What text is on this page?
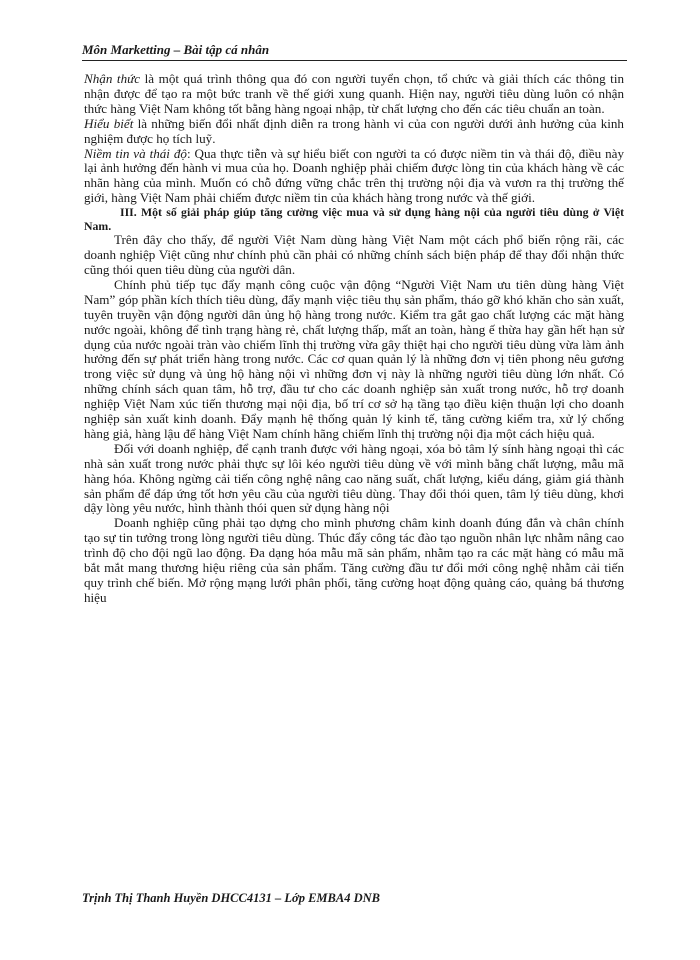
Môn Marketting – Bài tập cá nhân

Nhận thức là một quá trình thông qua đó con người tuyển chọn, tổ chức và giải thích các thông tin nhận được để tạo ra một bức tranh về thế giới xung quanh. Hiện nay, người tiêu dùng luôn có nhận thức hàng Việt Nam không tốt bằng hàng ngoại nhập, từ chất lượng cho đến các tiêu chuẩn an toàn.

Hiểu biết là những biến đổi nhất định diễn ra trong hành vi của con người dưới ảnh hưởng của kinh nghiệm được họ tích luỹ.

Niềm tin và thái độ: Qua thực tiễn và sự hiểu biết con người ta có được niềm tin và thái độ, điều này lại ảnh hưởng đến hành vi mua của họ. Doanh nghiệp phải chiếm được lòng tin của khách hàng về các nhãn hàng của mình. Muốn có chỗ đứng vững chắc trên thị trường nội địa và vươn ra thị trường thế giới, hàng Việt Nam phải chiếm được niềm tin của khách hàng trong nước và thế giới.

III. Một số giải pháp giúp tăng cường việc mua và sử dụng hàng nội của người tiêu dùng ở Việt Nam.

Trên đây cho thấy, để người Việt Nam dùng hàng Việt Nam một cách phổ biến rộng rãi, các doanh nghiệp Việt cũng như chính phủ cần phải có những chính sách biện pháp để thay đổi nhận thức cũng thói quen tiêu dùng của người dân.

Chính phủ tiếp tục đẩy mạnh công cuộc vận động “Người Việt Nam ưu tiên dùng hàng Việt Nam” góp phần kích thích tiêu dùng, đẩy mạnh việc tiêu thụ sản phẩm, tháo gỡ khó khăn cho sản xuất, tuyên truyền vận động người dân ủng hộ hàng trong nước. Kiểm tra gắt gao chất lượng các mặt hàng nước ngoài, không để tình trạng hàng rẻ, chất lượng thấp, mất an toàn, hàng ế thừa hay gần hết hạn sử dụng của nước ngoài tràn vào chiếm lĩnh thị trường vừa gây thiệt hại cho người tiêu dùng vừa làm ảnh hưởng đến sự phát triển hàng trong nước. Các cơ quan quản lý là những đơn vị tiên phong nêu gương trong việc sử dụng và ủng hộ hàng nội vì những đơn vị này là những người tiêu dùng lớn nhất. Có những chính sách quan tâm, hỗ trợ, đầu tư cho các doanh nghiệp sản xuất trong nước, hỗ trợ doanh nghiệp Việt Nam xúc tiến thương mại nội địa, bố trí cơ sở hạ tầng tạo điều kiện thuận lợi cho doanh nghiệp sản xuất kinh doanh. Đẩy mạnh hệ thống quản lý kinh tế, tăng cường kiểm tra, xử lý chống hàng giả, hàng lậu để hàng Việt Nam chính hãng chiếm lĩnh thị trường nội địa một cách hiệu quả.

Đối với doanh nghiệp, để cạnh tranh được với hàng ngoại, xóa bỏ tâm lý sính hàng ngoại thì các nhà sản xuất trong nước phải thực sự lôi kéo người tiêu dùng về với mình bằng chất lượng, mẫu mã hàng hóa. Không ngừng cải tiến công nghệ nâng cao năng suất, chất lượng, kiểu dáng, giảm giá thành sản phẩm để đáp ứng tốt hơn yêu cầu của người tiêu dùng. Thay đổi thói quen, tâm lý tiêu dùng, khơi dậy lòng yêu nước, hình thành thói quen sử dụng hàng nội

Doanh nghiệp cũng phải tạo dựng cho mình phương châm kinh doanh đúng đắn và chân chính tạo sự tin tưởng trong lòng người tiêu dùng. Thúc đẩy công tác đào tạo nguồn nhân lực nhằm nâng cao trình độ cho đội ngũ lao động. Đa dạng hóa mẫu mã sản phẩm, nhằm tạo ra các mặt hàng có mẫu mã bắt mắt mang thương hiệu riêng của sản phẩm. Tăng cường đầu tư đổi mới công nghệ nhằm cải tiến quy trình chế biến. Mở rộng mạng lưới phân phối, tăng cường hoạt động quảng cáo, quảng bá thương hiệu

Trịnh Thị Thanh Huyền DHCC4131 – Lớp EMBA4 DNB
